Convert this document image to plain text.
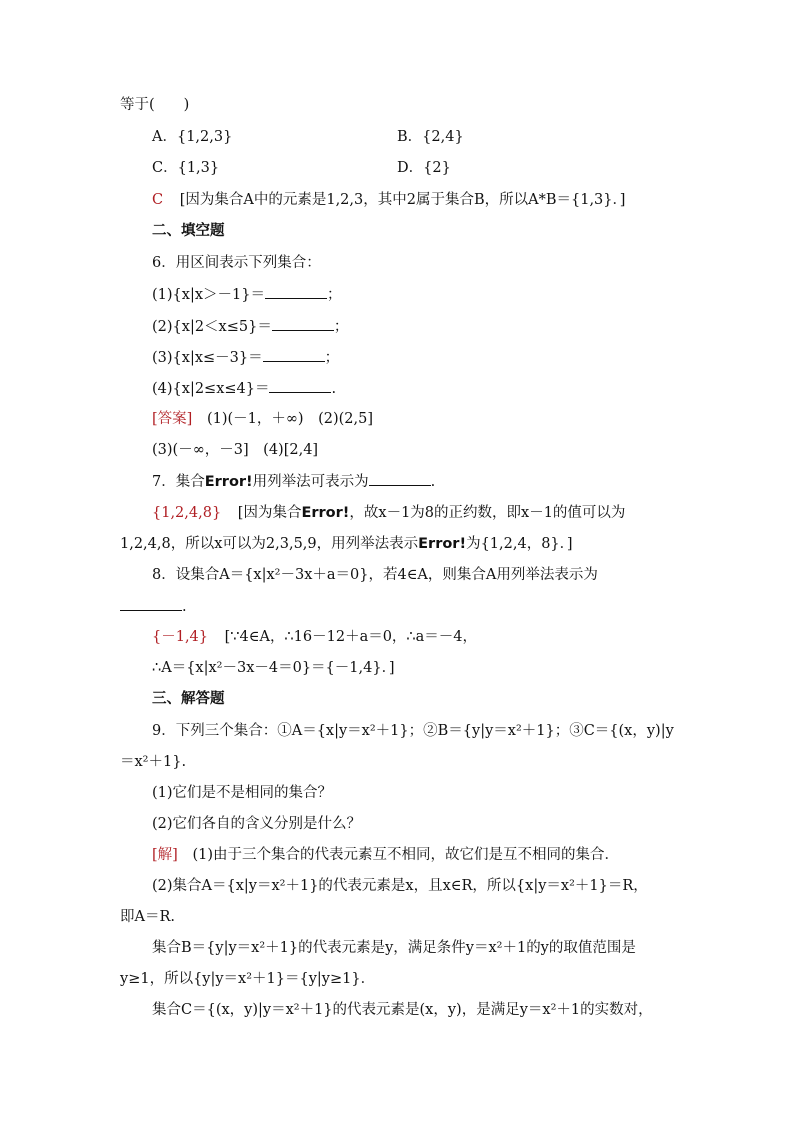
等于(　　)
A．{1,2,3}	B．{2,4}
C．{1,3}	D．{2}
C [因为集合A中的元素是1,2,3，其中2属于集合B，所以A*B＝{1,3}．]
二、填空题
6．用区间表示下列集合：
(1){x|x＞－1}＝	；
(2){x|2＜x≤5}＝	；
(3){x|x≤－3}＝	；
(4){x|2≤x≤4}＝	.
[答案] (1)(－1，＋∞)　(2)(2,5]
(3)(－∞，－3]　(4)[2,4]
7．集合Error!用列举法可表示为	.
{1,2,4,8} [因为集合Error!，故x－1为8的正约数，即x－1的值可以为
1,2,4,8，所以x可以为2,3,5,9，用列举法表示Error!为{1,2,4，8}．]
8．设集合A＝{x|x²－3x＋a＝0}，若4∈A，则集合A用列举法表示为
.
{－1,4} [∵4∈A，∴16－12＋a＝0，∴a＝－4，
∴A＝{x|x²－3x－4＝0}＝{－1,4}．]
三、解答题
9．下列三个集合：①A＝{x|y＝x²＋1}；②B＝{y|y＝x²＋1}；③C＝{(x，y)|y
＝x²＋1}.
(1)它们是不是相同的集合？
(2)它们各自的含义分别是什么？
[解] (1)由于三个集合的代表元素互不相同，故它们是互不相同的集合．
(2)集合A＝{x|y＝x²＋1}的代表元素是x，且x∈R，所以{x|y＝x²＋1}＝R，
即A＝R.
集合B＝{y|y＝x²＋1}的代表元素是y，满足条件y＝x²＋1的y的取值范围是
y≥1，所以{y|y＝x²＋1}＝{y|y≥1}．
集合C＝{(x，y)|y＝x²＋1}的代表元素是(x，y)，是满足y＝x²＋1的实数对，
